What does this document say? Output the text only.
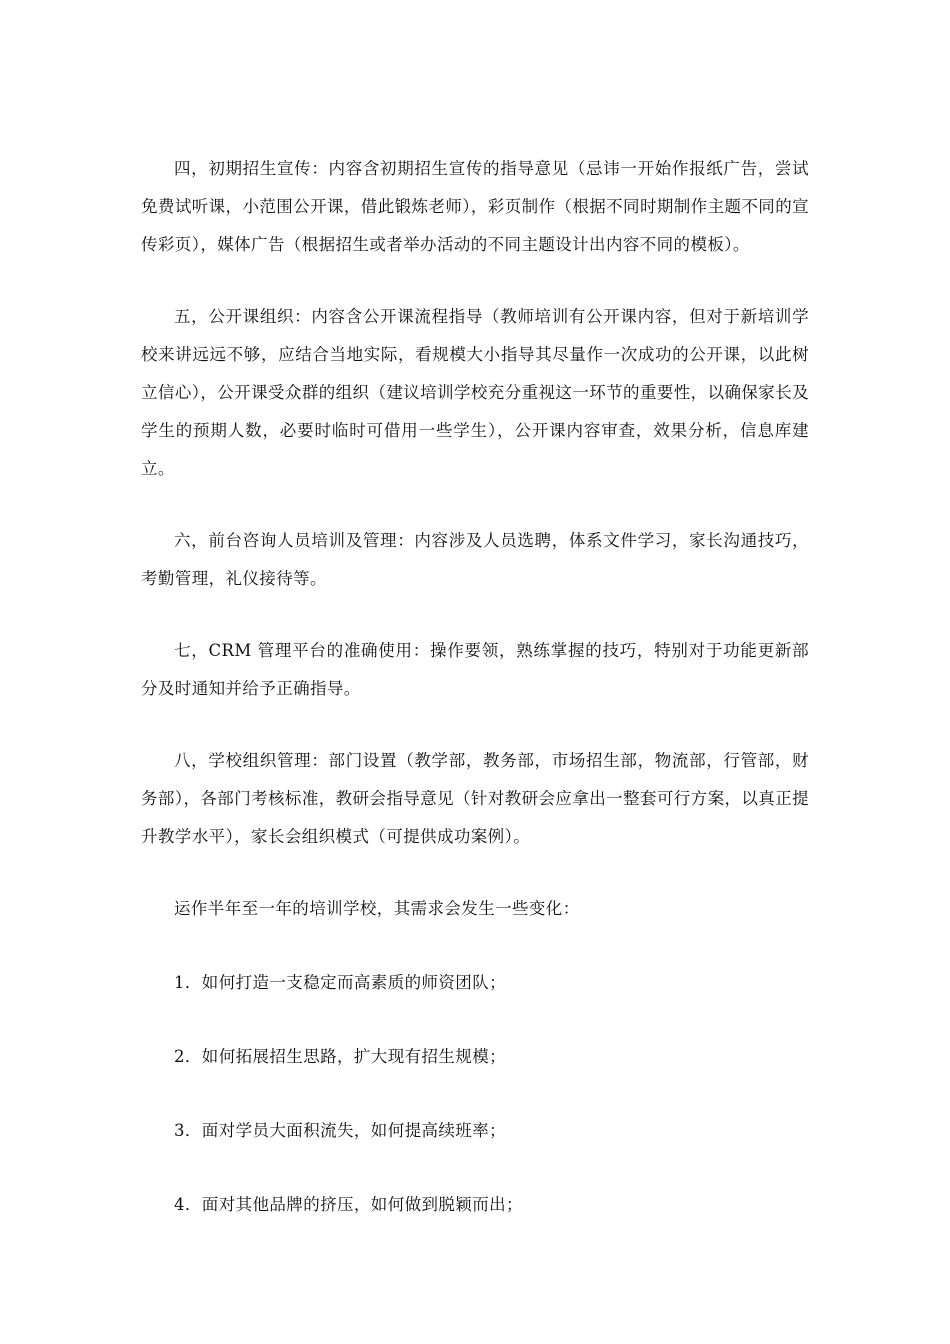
四，初期招生宣传：内容含初期招生宣传的指导意见（忌讳一开始作报纸广告，尝试免费试听课，小范围公开课，借此锻炼老师），彩页制作（根据不同时期制作主题不同的宣传彩页），媒体广告（根据招生或者举办活动的不同主题设计出内容不同的模板）。

五，公开课组织：内容含公开课流程指导（教师培训有公开课内容，但对于新培训学校来讲远远不够，应结合当地实际，看规模大小指导其尽量作一次成功的公开课，以此树立信心），公开课受众群的组织（建议培训学校充分重视这一环节的重要性，以确保家长及学生的预期人数，必要时临时可借用一些学生），公开课内容审查，效果分析，信息库建立。

六，前台咨询人员培训及管理：内容涉及人员选聘，体系文件学习，家长沟通技巧，考勤管理，礼仪接待等。

七，CRM 管理平台的准确使用：操作要领，熟练掌握的技巧，特别对于功能更新部分及时通知并给予正确指导。

八，学校组织管理：部门设置（教学部，教务部，市场招生部，物流部，行管部，财务部），各部门考核标准，教研会指导意见（针对教研会应拿出一整套可行方案，以真正提升教学水平），家长会组织模式（可提供成功案例）。

运作半年至一年的培训学校，其需求会发生一些变化：

1．如何打造一支稳定而高素质的师资团队；

2．如何拓展招生思路，扩大现有招生规模；

3．面对学员大面积流失，如何提高续班率；

4．面对其他品牌的挤压，如何做到脱颖而出；
